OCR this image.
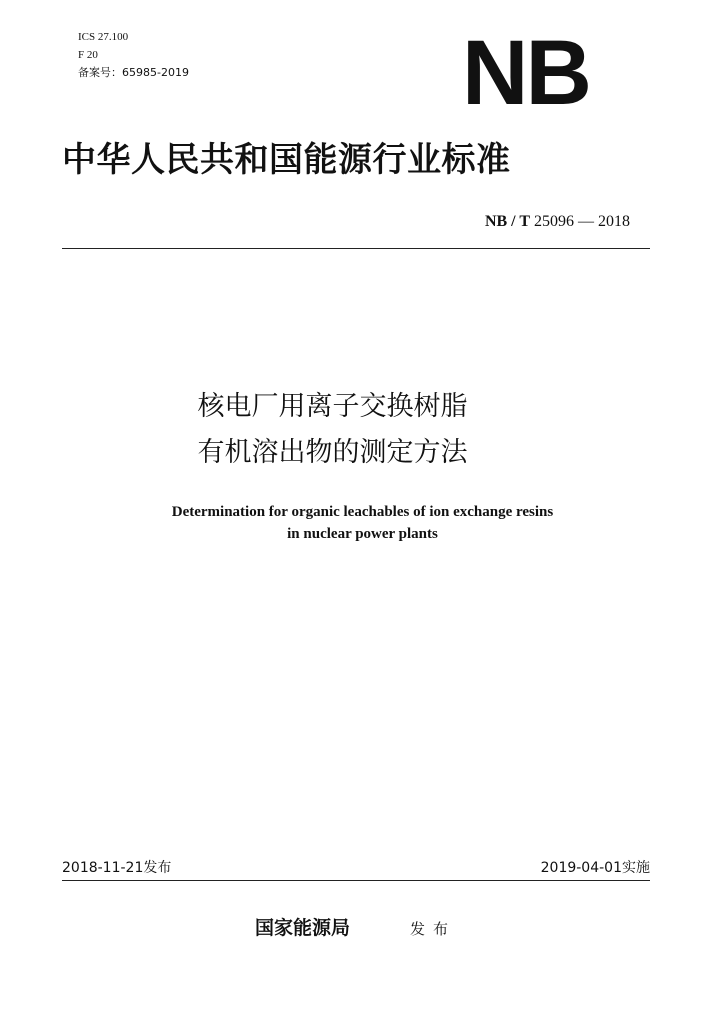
ICS 27.100
F 20
备案号：65985-2019	NB
中华人民共和国能源行业标准
NB / T 25096 — 2018
核电厂用离子交换树脂
有机溶出物的测定方法
Determination for organic leachables of ion exchange resins
in nuclear power plants
2018-11-21发布	2019-04-01实施
国家能源局	发布
